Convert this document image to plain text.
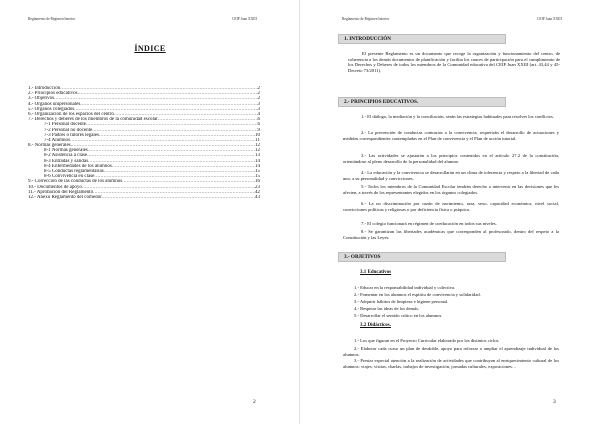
Reglamento de Régimen Interior	CEIP Juan XXIII
ÍNDICE
1.- Introducción .....	2
2.- Principios educativos .....	2
3.- Objetivos .....	2
4.- Órganos unipersonales .....	3
5.- Órganos colegiados .....	3
6.- Organización de los espacios del centro .....	4
7.- Derechos y deberes de los miembros de la comunidad escolar .....	6
7-1 Personal docente .....	6
7-2 Personal no docente .....	9
7-3 Padres o tutores legales .....	10
7-4 Alumnos .....	11
8.- Normas generales .....	12
8-1 Normas generales .....	12
8-2 Asistencia a clase .....	13
8-3 Entradas y salidas .....	14
8-4 Enfermedades de los alumnos .....	14
8-5 Conductas reglamentarias .....	15
8-6 Convivencia en clase .....	15
9.- Corrección de las conductas de los alumnos .....	16
10.- Documentos de apoyo .....	23
11.- Aprobación del Reglamento .....	42
12.- Anexo Reglamento del comedor .....	43
2
Reglamento de Régimen Interior	CEIP Juan XXIII
3
1. INTRODUCCIÓN
El presente Reglamento es un documento que recoge la organización y funcionamiento del centro, de coherencia a los demás documentos de planificación y facilita los cauces de participación para el cumplimiento de los Derechos y Deberes de todos los miembros de la Comunidad educativa del CEIP Juan XXIII (art. 43,44 y 45-Decreto 73/2011).
2.- PRINCIPIOS EDUCATIVOS.
1.- El diálogo, la mediación y la conciliación, serán las estrategias habituales para resolver los conflictos.
2.- La prevención de conductas contrarias a la convivencia, requerirán el desarrollo de actuaciones y medidas correspondientes contempladas en el Plan de convivencia y el Plan de acción tutorial.
3.- Las actividades se ajustarán a los principios contenidos en el artículo 27.2 de la constitución, orientándose al pleno desarrollo de la personalidad del alumno.
4.- La educación y la convivencia se desarrollarán en un clima de tolerancia y respeto a la libertad de cada uno, a su personalidad y convicciones.
5.- Todos los miembros de la Comunidad Escolar tendrán derecho a intervenir en las decisiones que les afecten, a través de los representantes elegidos en los órganos colegiados.
6.- La no discriminación por razón de nacimiento, raza, sexo, capacidad económica, nivel social, convicciones políticas y religiosas o por deficiencia física o psíquica.
7.- El colegio funcionará en régimen de coeducación en todos sus niveles.
8.- Se garantizan las libertades académicas que corresponden al profesorado, dentro del respeto a la Constitución y las Leyes.
3.- OBJETIVOS
3.1 Educativos
1.- Educar en la responsabilidad individual y colectiva.
2.- Fomentar en los alumnos el espíritu de convivencia y solidaridad.
3.- Adquirir hábitos de limpieza e higiene personal.
4.- Respetar las ideas de los demás.
5.- Desarrollar el sentido crítico en los alumnos.
3.2 Didácticos.
1.- Los que figuran en el Proyecto Curricular elaborado por los distintos ciclos.
2.- Elaborar cada curso un plan de desdoble, apoyo para reforzar o ampliar el aprendizaje individual de los alumnos.
3.- Prestar especial atención a la realización de actividades que contribuyan al enriquecimiento cultural de los alumnos: viajes, visitas, charlas, trabajos de investigación, jornadas culturales, exposiciones…
